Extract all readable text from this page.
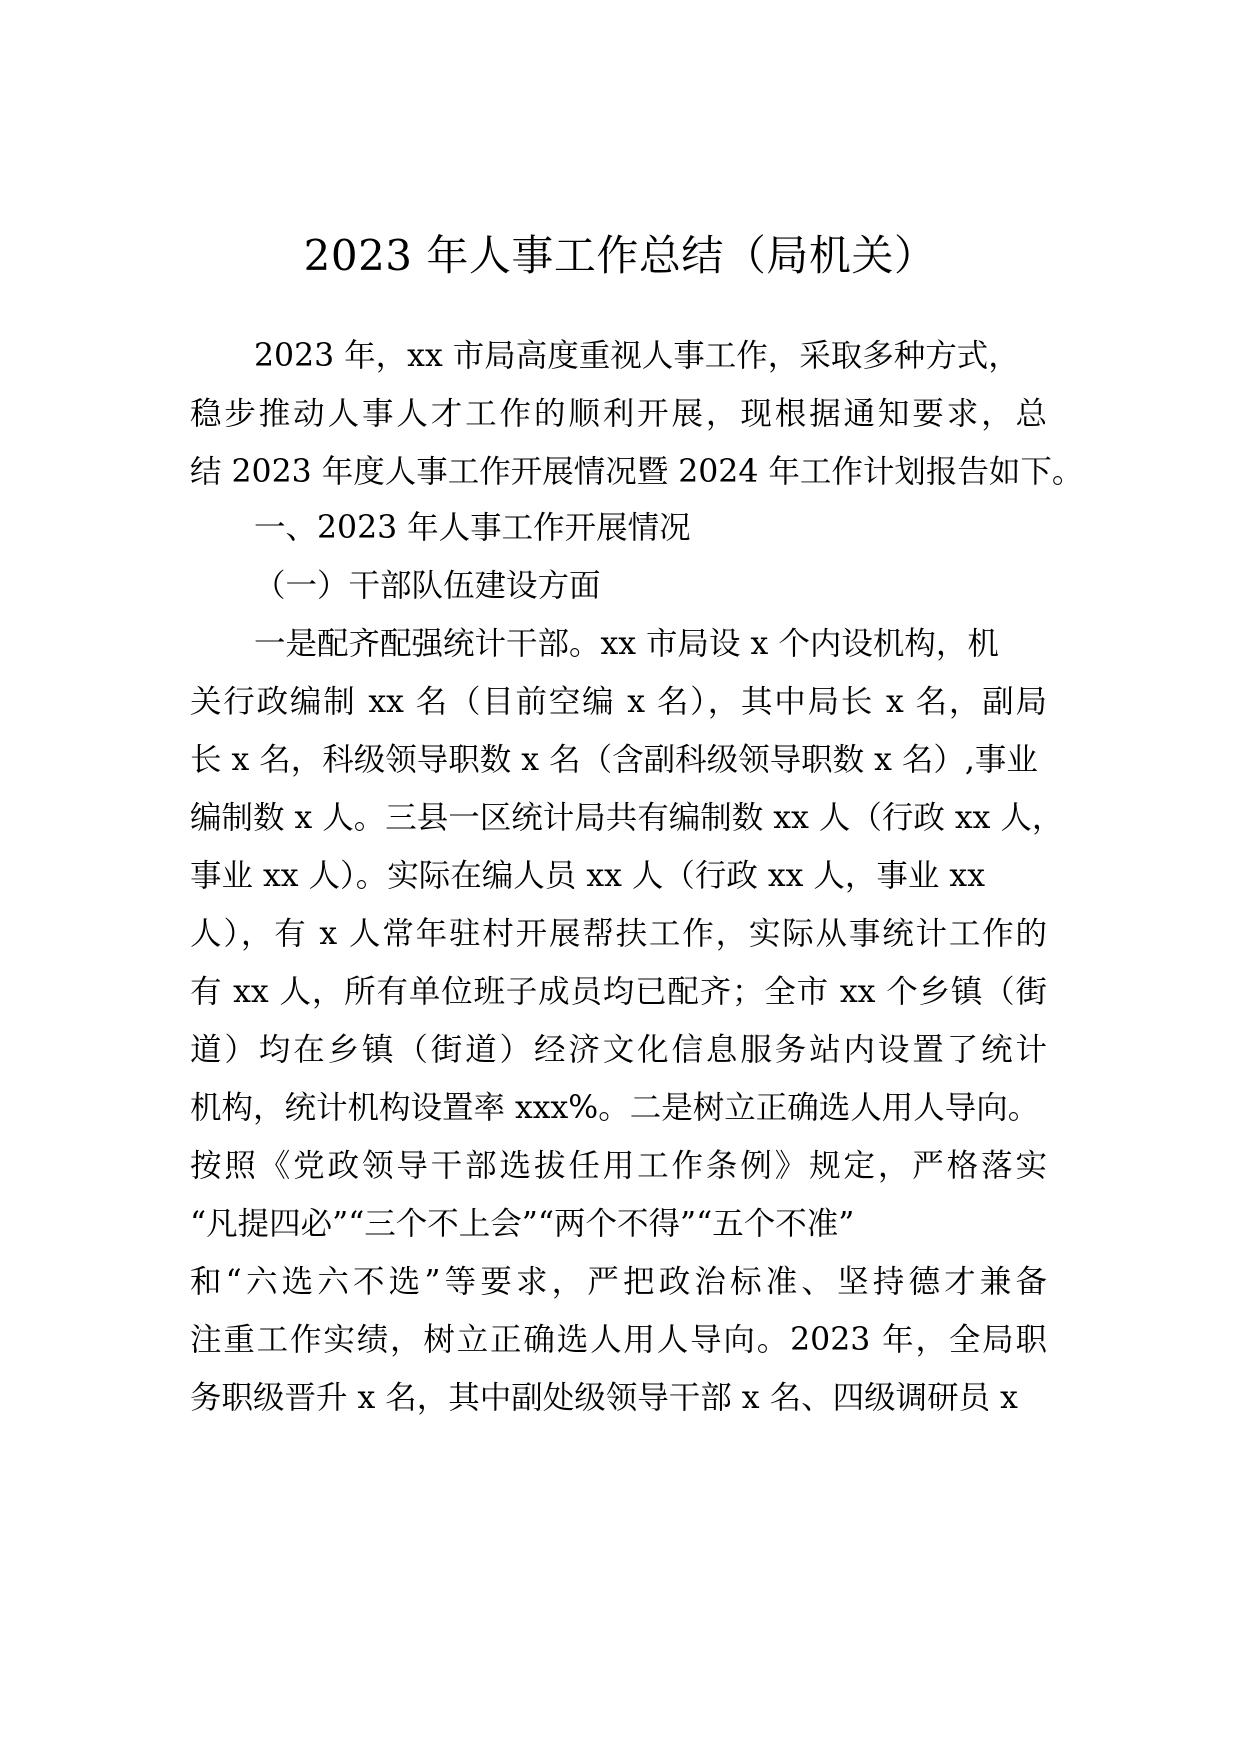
2023 年人事工作总结（局机关）

2023 年，xx 市局高度重视人事工作，采取多种方式，

稳步推动人事人才工作的顺利开展，现根据通知要求，总

结 2023 年度人事工作开展情况暨 2024 年工作计划报告如下。

一、2023 年人事工作开展情况

（一）干部队伍建设方面

一是配齐配强统计干部。xx 市局设 x 个内设机构，机

关行政编制 xx 名（目前空编 x 名），其中局长 x 名，副局

长 x 名，科级领导职数 x 名（含副科级领导职数 x 名）,事业

编制数 x 人。三县一区统计局共有编制数 xx 人（行政 xx 人，

事业 xx 人）。实际在编人员 xx 人（行政 xx 人，事业 xx

人），有 x 人常年驻村开展帮扶工作，实际从事统计工作的

有 xx 人，所有单位班子成员均已配齐；全市 xx 个乡镇（街

道）均在乡镇（街道）经济文化信息服务站内设置了统计

机构，统计机构设置率 xxx%。二是树立正确选人用人导向。

按照《党政领导干部选拔任用工作条例》规定，严格落实

“凡提四必”“三个不上会”“两个不得”“五个不准”

和“六选六不选”等要求，严把政治标准、坚持德才兼备

注重工作实绩，树立正确选人用人导向。2023 年，全局职

务职级晋升 x 名，其中副处级领导干部 x 名、四级调研员 x
